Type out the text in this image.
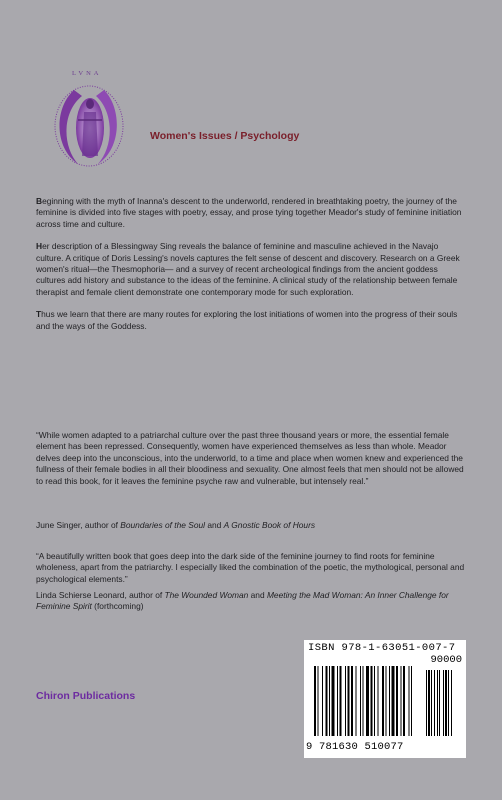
LVNA
Women's Issues / Psychology

Beginning with the myth of Inanna's descent to the underworld, rendered in breathtaking poetry, the journey of the feminine is divided into five stages with poetry, essay, and prose tying together Meador's study of feminine initiation across time and culture.

Her description of a Blessingway Sing reveals the balance of feminine and masculine achieved in the Navajo culture. A critique of Doris Lessing's novels captures the felt sense of descent and discovery. Research on a Greek women's ritual—the Thesmophoria— and a survey of recent archeological findings from the ancient goddess cultures add history and substance to the ideas of the feminine. A clinical study of the relationship between female therapist and female client demonstrate one contemporary mode for such exploration.

Thus we learn that there are many routes for exploring the lost initiations of women into the progress of their souls and the ways of the Goddess.

“While women adapted to a patriarchal culture over the past three thousand years or more, the essential female element has been repressed. Consequently, women have experienced themselves as less than whole. Meador delves deep into the unconscious, into the underworld, to a time and place when women knew and experienced the fullness of their female bodies in all their bloodiness and sexuality. One almost feels that men should not be allowed to read this book, for it leaves the feminine psyche raw and vulnerable, but intensely real.”

June Singer, author of Boundaries of the Soul and A Gnostic Book of Hours

“A beautifully written book that goes deep into the dark side of the feminine journey to find roots for feminine wholeness, apart from the patriarchy. I especially liked the combination of the poetic, the mythological, personal and psychological elements.”

Linda Schierse Leonard, author of The Wounded Woman and Meeting the Mad Woman: An Inner Challenge for Feminine Spirit (forthcoming)
Chiron Publications
ISBN 978-1-63051-007-7
90000
9 781630 510077
